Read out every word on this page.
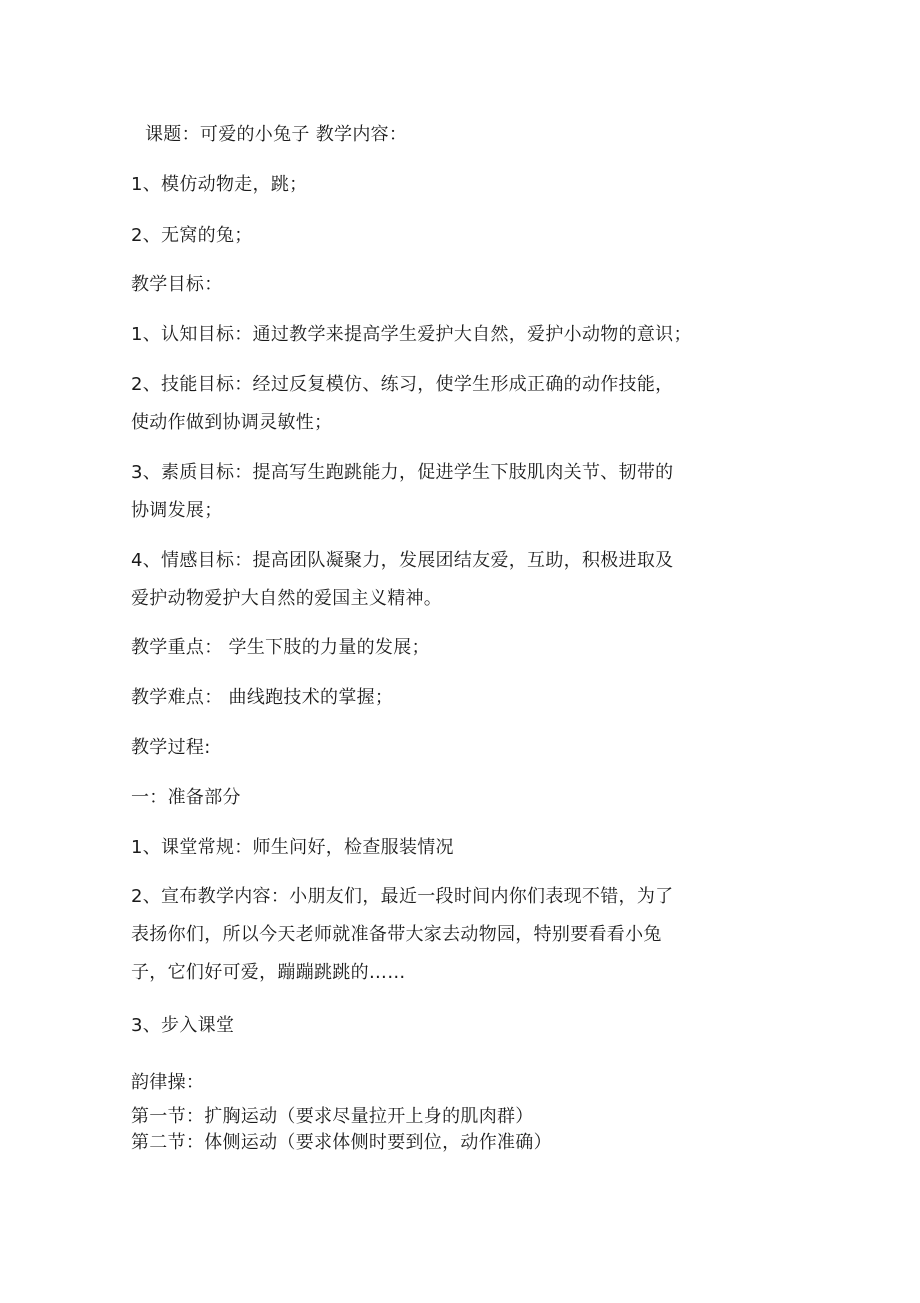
课题：可爱的小兔子 教学内容：
1、模仿动物走，跳；
2、无窝的兔；
教学目标：
1、认知目标：通过教学来提高学生爱护大自然，爱护小动物的意识；
2、技能目标：经过反复模仿、练习，使学生形成正确的动作技能，
使动作做到协调灵敏性；
3、素质目标：提高写生跑跳能力，促进学生下肢肌肉关节、韧带的
协调发展；
4、情感目标：提高团队凝聚力，发展团结友爱，互助，积极进取及
爱护动物爱护大自然的爱国主义精神。
教学重点： 学生下肢的力量的发展；
教学难点： 曲线跑技术的掌握；
教学过程:
一：准备部分
1、课堂常规：师生问好，检查服装情况
2、宣布教学内容：小朋友们，最近一段时间内你们表现不错，为了
表扬你们，所以今天老师就准备带大家去动物园，特别要看看小兔
子，它们好可爱，蹦蹦跳跳的……
3、步入课堂
韵律操：
第一节：扩胸运动（要求尽量拉开上身的肌肉群）
第二节：体侧运动（要求体侧时要到位，动作准确）
